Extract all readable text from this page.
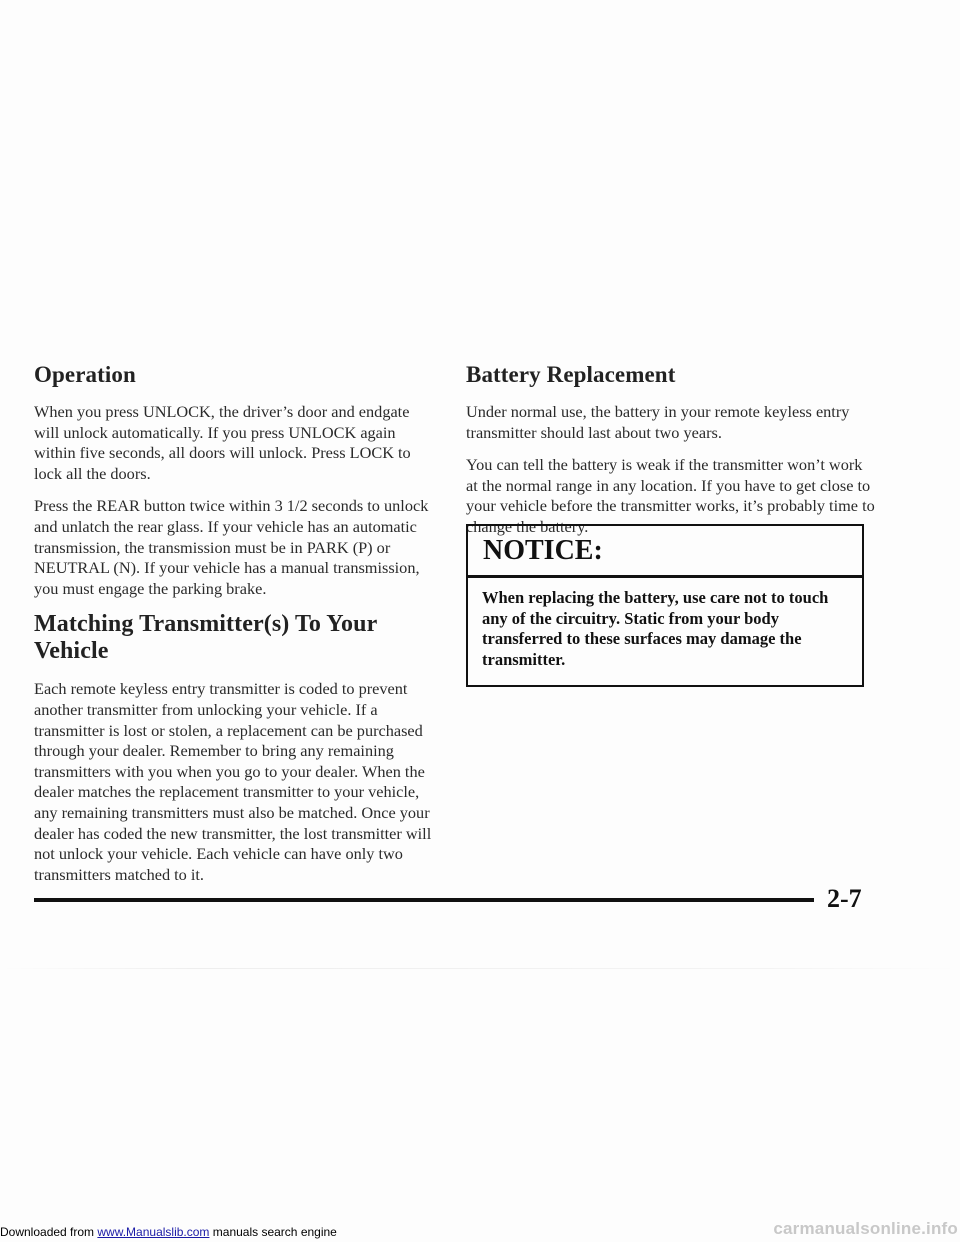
Operation

When you press UNLOCK, the driver’s door and endgate will unlock automatically. If you press UNLOCK again within five seconds, all doors will unlock. Press LOCK to lock all the doors.

Press the REAR button twice within 3 1/2 seconds to unlock and unlatch the rear glass. If your vehicle has an automatic transmission, the transmission must be in PARK (P) or NEUTRAL (N). If your vehicle has a manual transmission, you must engage the parking brake.

Matching Transmitter(s) To Your Vehicle

Each remote keyless entry transmitter is coded to prevent another transmitter from unlocking your vehicle. If a transmitter is lost or stolen, a replacement can be purchased through your dealer. Remember to bring any remaining transmitters with you when you go to your dealer. When the dealer matches the replacement transmitter to your vehicle, any remaining transmitters must also be matched. Once your dealer has coded the new transmitter, the lost transmitter will not unlock your vehicle. Each vehicle can have only two transmitters matched to it.

Battery Replacement

Under normal use, the battery in your remote keyless entry transmitter should last about two years.

You can tell the battery is weak if the transmitter won’t work at the normal range in any location. If you have to get close to your vehicle before the transmitter works, it’s probably time to change the battery.

NOTICE:
When replacing the battery, use care not to touch any of the circuitry. Static from your body transferred to these surfaces may damage the transmitter.
2-7
Downloaded from www.Manualslib.com manuals search engine	carmanualsonline.info
